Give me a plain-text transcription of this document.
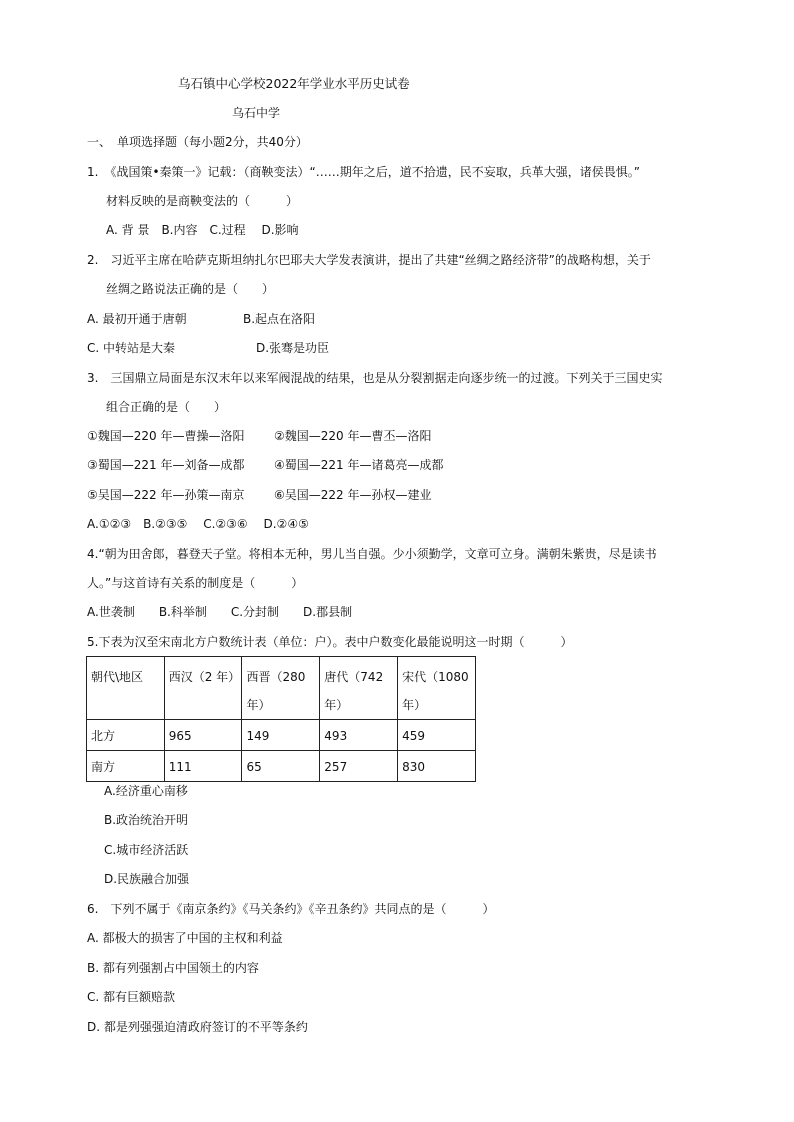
乌石镇中心学校2022年学业水平历史试卷
乌石中学
一、　单项选择题（每小题2分，共40分）
1.　《战国策•秦策一》记载：（商鞅变法）“……期年之后，道不拾遗，民不妄取，兵革大强，诸侯畏惧。”
材料反映的是商鞅变法的（　　　）
A. 背 景　B.内容　C.过程　 D.影响
2.　习近平主席在哈萨克斯坦纳扎尔巴耶夫大学发表演讲，提出了共建“丝绸之路经济带”的战略构想，关于
丝绸之路说法正确的是（　　）
A. 最初开通于唐朝	B.起点在洛阳
C. 中转站是大秦	D.张骞是功臣
3.　三国鼎立局面是东汉末年以来军阀混战的结果，也是从分裂割据走向逐步统一的过渡。下列关于三国史实
组合正确的是（　　）
①魏国—220 年—曹操—洛阳 ②魏国—220 年—曹丕—洛阳
③蜀国—221 年—刘备—成都 ④蜀国—221 年—诸葛亮—成都
⑤吴国—222 年—孙策—南京 ⑥吴国—222 年—孙权—建业
A.①②③　B.②③⑤　 C.②③⑥　 D.②④⑤
4.“朝为田舍郎，暮登天子堂。将相本无种，男儿当自强。少小须勤学，文章可立身。满朝朱紫贵，尽是读书
人。”与这首诗有关系的制度是（　　　）
A.世袭制　　B.科举制　　C.分封制　　D.郡县制
5.下表为汉至宋南北方户数统计表（单位：户）。表中户数变化最能说明这一时期（　　　）
朝代\地区	西汉（2 年）	西晋（280 年）	唐代（742 年）	宋代（1080 年）
北方	965	149	493	459
南方	111	65	257	830
A.经济重心南移
B.政治统治开明
C.城市经济活跃
D.民族融合加强
6.　下列不属于《南京条约》《马关条约》《辛丑条约》共同点的是（　　　）
A. 都极大的损害了中国的主权和利益
B. 都有列强割占中国领土的内容
C. 都有巨额赔款
D. 都是列强强迫清政府签订的不平等条约
